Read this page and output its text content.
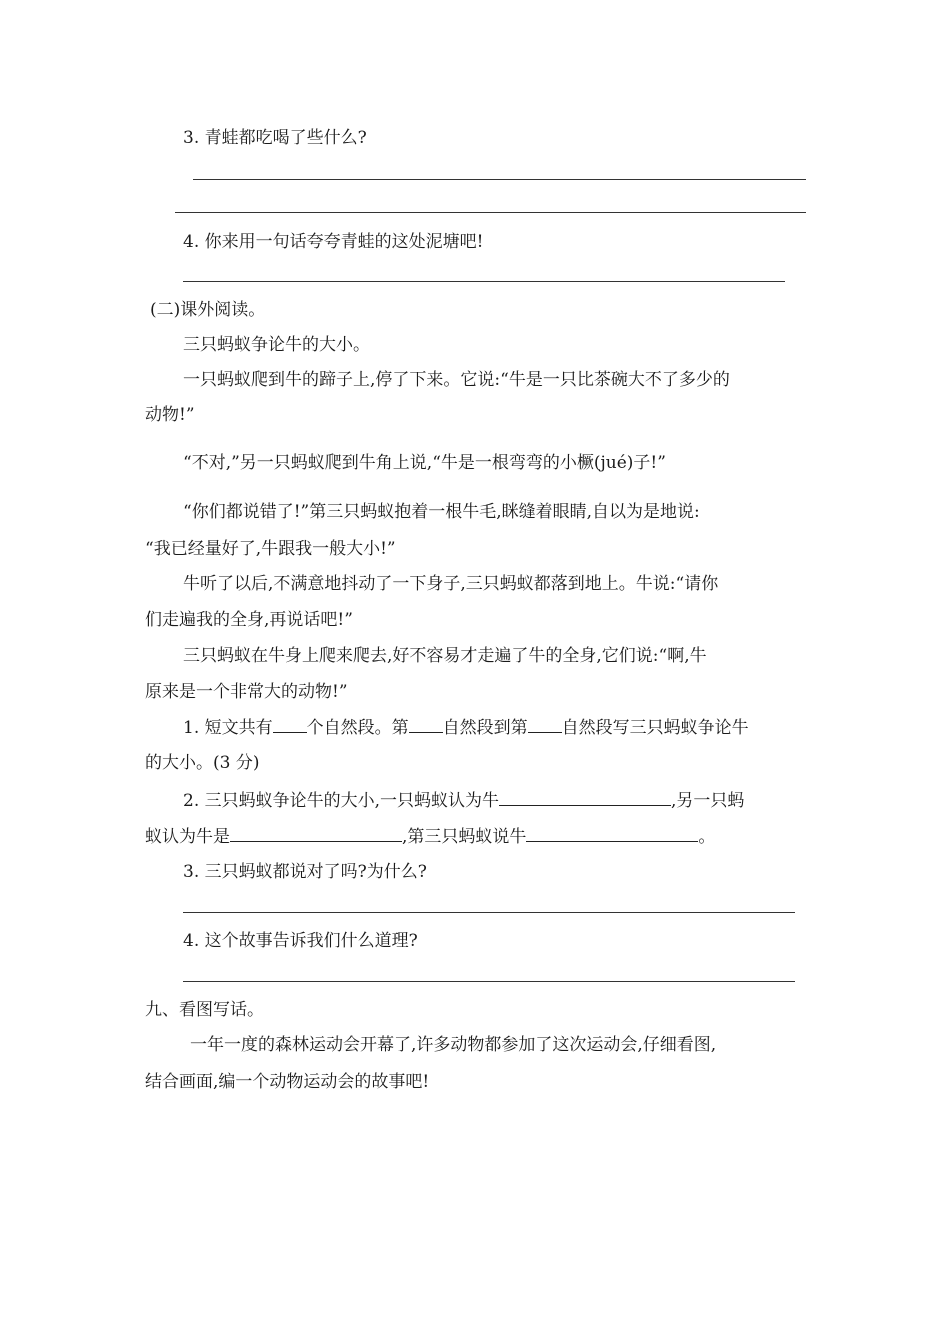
3. 青蛙都吃喝了些什么?
4. 你来用一句话夸夸青蛙的这处泥塘吧!
(二)课外阅读。
三只蚂蚁争论牛的大小。
一只蚂蚁爬到牛的蹄子上,停了下来。它说:“牛是一只比茶碗大不了多少的
动物!”
“不对,”另一只蚂蚁爬到牛角上说,“牛是一根弯弯的小橛(jué)子!”
“你们都说错了!”第三只蚂蚁抱着一根牛毛,眯缝着眼睛,自以为是地说:
“我已经量好了,牛跟我一般大小!”
牛听了以后,不满意地抖动了一下身子,三只蚂蚁都落到地上。牛说:“请你
们走遍我的全身,再说话吧!”
三只蚂蚁在牛身上爬来爬去,好不容易才走遍了牛的全身,它们说:“啊,牛
原来是一个非常大的动物!”
1. 短文共有 个自然段。第 自然段到第 自然段写三只蚂蚁争论牛
的大小。(3 分)
2. 三只蚂蚁争论牛的大小,一只蚂蚁认为牛	,另一只蚂
蚁认为牛是	,第三只蚂蚁说牛	。
3. 三只蚂蚁都说对了吗?为什么?
4. 这个故事告诉我们什么道理?
九、看图写话。
一年一度的森林运动会开幕了,许多动物都参加了这次运动会,仔细看图,
结合画面,编一个动物运动会的故事吧!
